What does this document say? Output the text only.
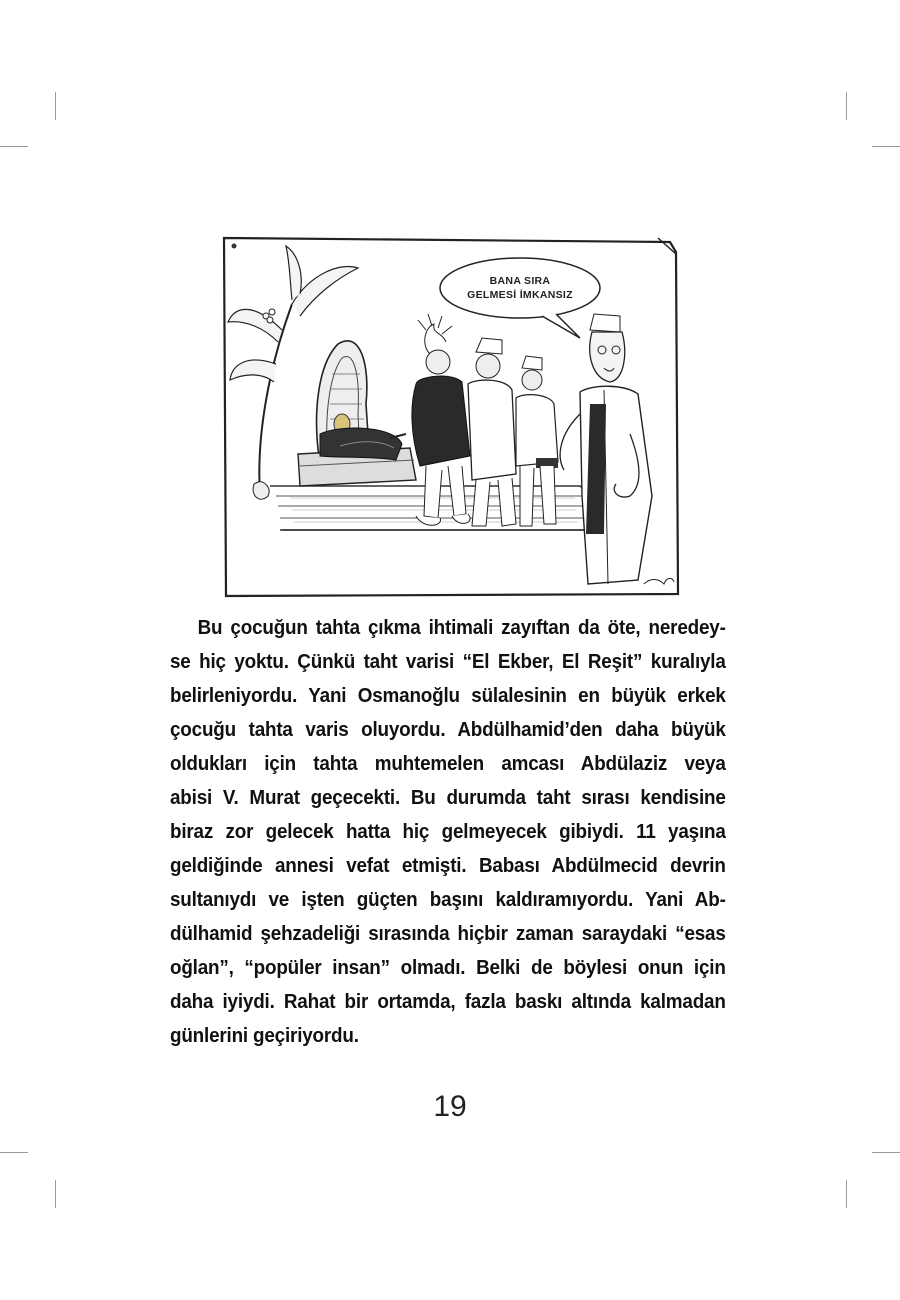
BANA SIRA
GELMESİ İMKANSIZ
Bu çocuğun tahta çıkma ihtimali zayıftan da öte, neredey-
se hiç yoktu. Çünkü taht varisi “El Ekber, El Reşit” kuralıyla
belirleniyordu. Yani Osmanoğlu sülalesinin en büyük erkek
çocuğu tahta varis oluyordu. Abdülhamid’den daha büyük
oldukları için tahta muhtemelen amcası Abdülaziz veya
abisi V. Murat geçecekti. Bu durumda taht sırası kendisine
biraz zor gelecek hatta hiç gelmeyecek gibiydi. 11 yaşına
geldiğinde annesi vefat etmişti. Babası Abdülmecid devrin
sultanıydı ve işten güçten başını kaldıramıyordu. Yani Ab-
dülhamid şehzadeliği sırasında hiçbir zaman saraydaki “esas
oğlan”, “popüler insan” olmadı. Belki de böylesi onun için
daha iyiydi. Rahat bir ortamda, fazla baskı altında kalmadan
günlerini geçiriyordu.
19
